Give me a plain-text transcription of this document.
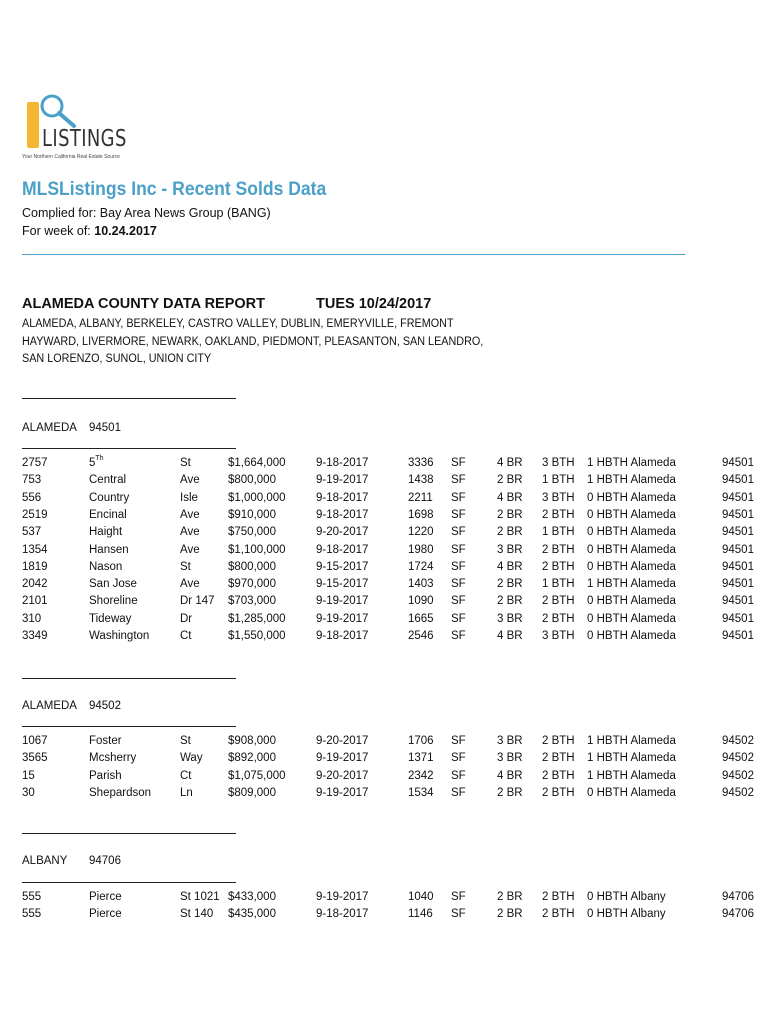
LISTINGS
Your Northern California Real Estate Source
MLSListings Inc - Recent Solds Data
Complied for: Bay Area News Group (BANG)
For week of: 10.24.2017
ALAMEDA COUNTY DATA REPORT	TUES 10/24/2017
ALAMEDA, ALBANY, BERKELEY, CASTRO VALLEY, DUBLIN, EMERYVILLE, FREMONT
HAYWARD, LIVERMORE, NEWARK, OAKLAND, PIEDMONT, PLEASANTON, SAN LEANDRO,
SAN LORENZO, SUNOL, UNION CITY
ALAMEDA 94501
2757	5Th	St	$1,664,000	9-18-2017	3336 SF	4 BR 3 BTH 1 HBTH Alameda	94501
753	Central	Ave $800,000	9-19-2017	1438 SF	2 BR 1 BTH 1 HBTH Alameda	94501
556	Country	Isle	$1,000,000	9-18-2017	2211 SF	4 BR 3 BTH 0 HBTH Alameda	94501
2519	Encinal	Ave $910,000	9-18-2017	1698 SF	2 BR 2 BTH 0 HBTH Alameda	94501
537	Haight	Ave $750,000	9-20-2017	1220 SF	2 BR 1 BTH 0 HBTH Alameda	94501
1354	Hansen	Ave $1,100,000	9-18-2017	1980 SF	3 BR 2 BTH 0 HBTH Alameda	94501
1819	Nason	St	$800,000	9-15-2017	1724 SF	4 BR 2 BTH 0 HBTH Alameda	94501
2042	San Jose	Ave $970,000	9-15-2017	1403 SF	2 BR 1 BTH 1 HBTH Alameda	94501
2101	Shoreline	Dr 147 $703,000	9-19-2017	1090 SF	2 BR 2 BTH 0 HBTH Alameda	94501
310	Tideway	Dr	$1,285,000	9-19-2017	1665 SF	3 BR 2 BTH 0 HBTH Alameda	94501
3349	Washington	Ct	$1,550,000	9-18-2017	2546 SF	4 BR 3 BTH 0 HBTH Alameda	94501
ALAMEDA 94502
1067	Foster	St	$908,000	9-20-2017	1706 SF	3 BR 2 BTH 1 HBTH Alameda	94502
3565	Mcsherry	Way $892,000	9-19-2017	1371 SF	3 BR 2 BTH 1 HBTH Alameda	94502
15	Parish	Ct	$1,075,000	9-20-2017	2342 SF	4 BR 2 BTH 1 HBTH Alameda	94502
30	Shepardson	Ln	$809,000	9-19-2017	1534 SF	2 BR 2 BTH 0 HBTH Alameda	94502
ALBANY 94706
555	Pierce	St 1021 $433,000	9-19-2017	1040 SF	2 BR 2 BTH 0 HBTH Albany	94706
555	Pierce	St 140 $435,000	9-18-2017	1146 SF	2 BR 2 BTH 0 HBTH Albany	94706
